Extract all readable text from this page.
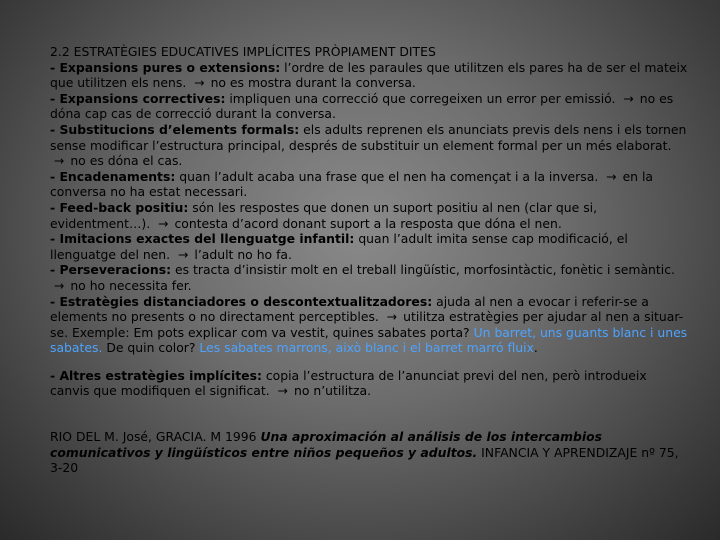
2.2 ESTRATÈGIES EDUCATIVES IMPLÍCITES PRÒPIAMENT DITES

- Expansions pures o extensions: l’ordre de les paraules que utilitzen els pares ha de ser el mateix que utilitzen els nens. → no es mostra durant la conversa.

- Expansions correctives: impliquen una correcció que corregeixen un error per emissió. → no es dóna cap cas de correcció durant la conversa.

- Substitucions d’elements formals: els adults reprenen els anunciats previs dels nens i els tornen sense modificar l’estructura principal, després de substituir un element formal per un més elaborat. → no es dóna el cas.

- Encadenaments: quan l’adult acaba una frase que el nen ha començat i a la inversa. → en la conversa no ha estat necessari.

- Feed-back positiu: són les respostes que donen un suport positiu al nen (clar que si, evidentment…). → contesta d’acord donant suport a la resposta que dóna el nen.

- Imitacions exactes del llenguatge infantil: quan l’adult imita sense cap modificació, el llenguatge del nen. → l’adult no ho fa.

- Perseveracions: es tracta d’insistir molt en el treball lingüístic, morfosintàctic, fonètic i semàntic. → no ho necessita fer.

- Estratègies distanciadores o descontextualitzadores: ajuda al nen a evocar i referir-se a elements no presents o no directament perceptibles. → utilitza estratègies per ajudar al nen a situar-se. Exemple: Em pots explicar com va vestit, quines sabates porta? Un barret, uns guants blanc i unes sabates. De quin color? Les sabates marrons, això blanc i el barret marró fluix.

- Altres estratègies implícites: copia l’estructura de l’anunciat previ del nen, però introdueix canvis que modifiquen el significat. → no n’utilitza.

RIO DEL M. José, GRACIA. M 1996 Una aproximación al análisis de los intercambios comunicativos y lingüísticos entre niños pequeños y adultos. INFANCIA Y APRENDIZAJE nº 75, 3-20
